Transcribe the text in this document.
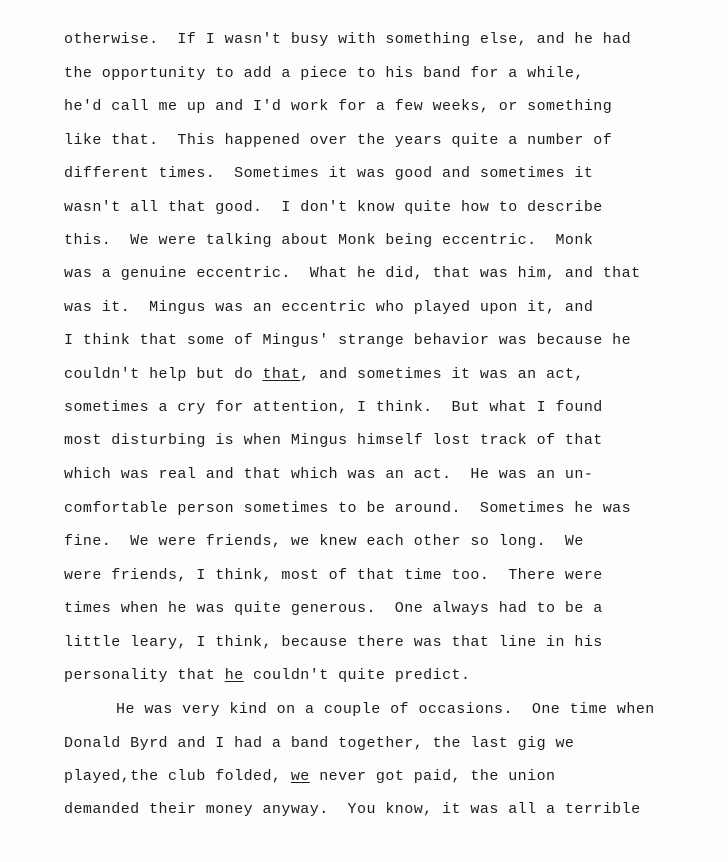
otherwise.  If I wasn't busy with something else, and he had

the opportunity to add a piece to his band for a while,

he'd call me up and I'd work for a few weeks, or something

like that.  This happened over the years quite a number of

different times.  Sometimes it was good and sometimes it

wasn't all that good.  I don't know quite how to describe

this.  We were talking about Monk being eccentric.  Monk

was a genuine eccentric.  What he did, that was him, and that

was it.  Mingus was an eccentric who played upon it, and

I think that some of Mingus' strange behavior was because he

couldn't help but do that, and sometimes it was an act,

sometimes a cry for attention, I think.  But what I found

most disturbing is when Mingus himself lost track of that

which was real and that which was an act.  He was an un-

comfortable person sometimes to be around.  Sometimes he was

fine.  We were friends, we knew each other so long.  We

were friends, I think, most of that time too.  There were

times when he was quite generous.  One always had to be a

little leary, I think, because there was that line in his

personality that he couldn't quite predict.

He was very kind on a couple of occasions.  One time when

Donald Byrd and I had a band together, the last gig we

played,the club folded, we never got paid, the union

demanded their money anyway.  You know, it was all a terrible
